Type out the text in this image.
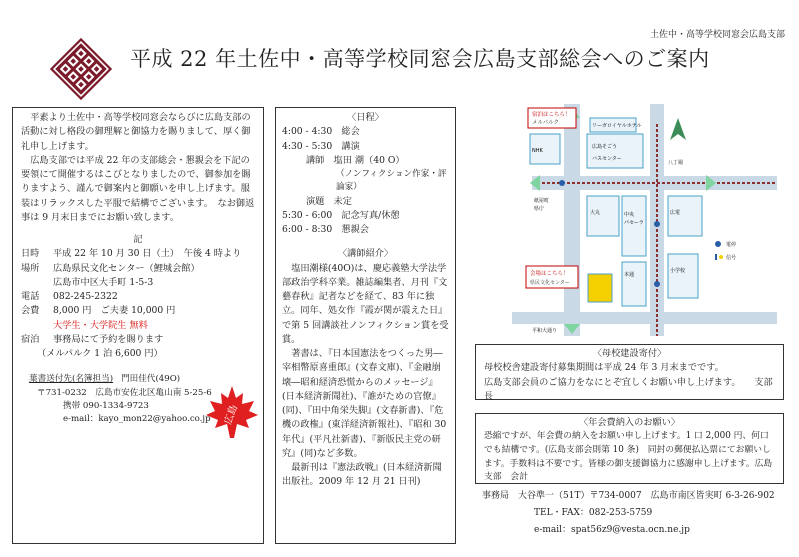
土佐中・高等学校同窓会広島支部
平成 22 年土佐中・高等学校同窓会広島支部総会へのご案内

平素より土佐中・高等学校同窓会ならびに広島支部の活動に対し格段の御理解と御協力を賜りまして、厚く御礼申し上げます。

広島支部では平成 22 年の支部総会・懇親会を下記の要領にて開催するはこびとなりましたので、御参加を賜りますよう、謹んで御案内と御願いを申し上げます。服装はリラックスした平服で結構でございます。　なお御返事は 9 月末日までにお願い致します。

記

日時	平成 22 年 10 月 30 日（土）　午後 4 時より
場所	広島県民文化センター（鯉城会館）
広島市中区大手町 1-5-3
電話	082-245-2322
会費	8,000 円　ご夫妻 10,000 円
大学生・大学院生 無料
宿泊	事務局にて予約を賜ります
（メルパルク 1 泊 6,600 円）
葉書送付先(名簿担当) 門田佳代(49O)
〒731-0232　広島市安佐北区亀山南 5-25-6
携帯 090-1334-9723
e-mail：kayo_mon22@yahoo.co.jp	広島

〈日程〉

4:00 - 4:30　総会
4:30 - 5:30　講演
講師　塩田 潮（40 O）
（ノンフィクション作家・評論家）
演題　未定
5:30 - 6:00　記念写真/休憩
6:00 - 8:30　懇親会

〈講師紹介〉

塩田潮様(40O)は、慶応義塾大学法学部政治学科卒業。雑誌編集者、月刊『文藝春秋』記者などを経て、83 年に独立。同年、処女作『霞が関が震えた日』で第 5 回講談社ノンフィクション賞を受賞。

著書は、『日本国憲法をつくった男―宰相幣原喜重郎』(文春文庫)、『金融崩壊―昭和経済恐慌からのメッセージ』(日本経済新聞社)、『誰がための官僚』(同)、『田中角栄失脚』(文春新書)、『危機の政権』(東洋経済新報社)、『昭和 30 年代』(平凡社新書)、『新版民主党の研究』(同)など多数。

最新刊は『憲法政戦』(日本経済新聞出版社。2009 年 12 月 21 日刊)

宿泊はこちら！
メルパルク
会場はこちら！
県民文化センター
リーガロイヤルホテル
広島そごう
バスセンター
NHK
八丁堀
紙屋町
県庁
中央
パセーラ
大丸
本通
広電
小学校
平和大通り
電停
信号

〈母校建設寄付〉

母校校舎建設寄付募集期間は平成 24 年 3 月末までです。

広島支部会員のご協力をなにとぞ宜しくお願い申し上げます。　　支部長

〈年会費納入のお願い〉

恐縮ですが、年会費の納入をお願い申し上げます。1 口 2,000 円、何口でも結構です。(広島支部会則第 10 条)　同封の郵便払込票にてお願いします。手数料は不要です。皆様の御支援御協力に感謝申し上げます。広島支部　会計

事務局　大谷準一（51T）〒734-0007　広島市南区皆実町 6-3-26-902
TEL・FAX：082-253-5759
e-mail：spat56z9@vesta.ocn.ne.jp
